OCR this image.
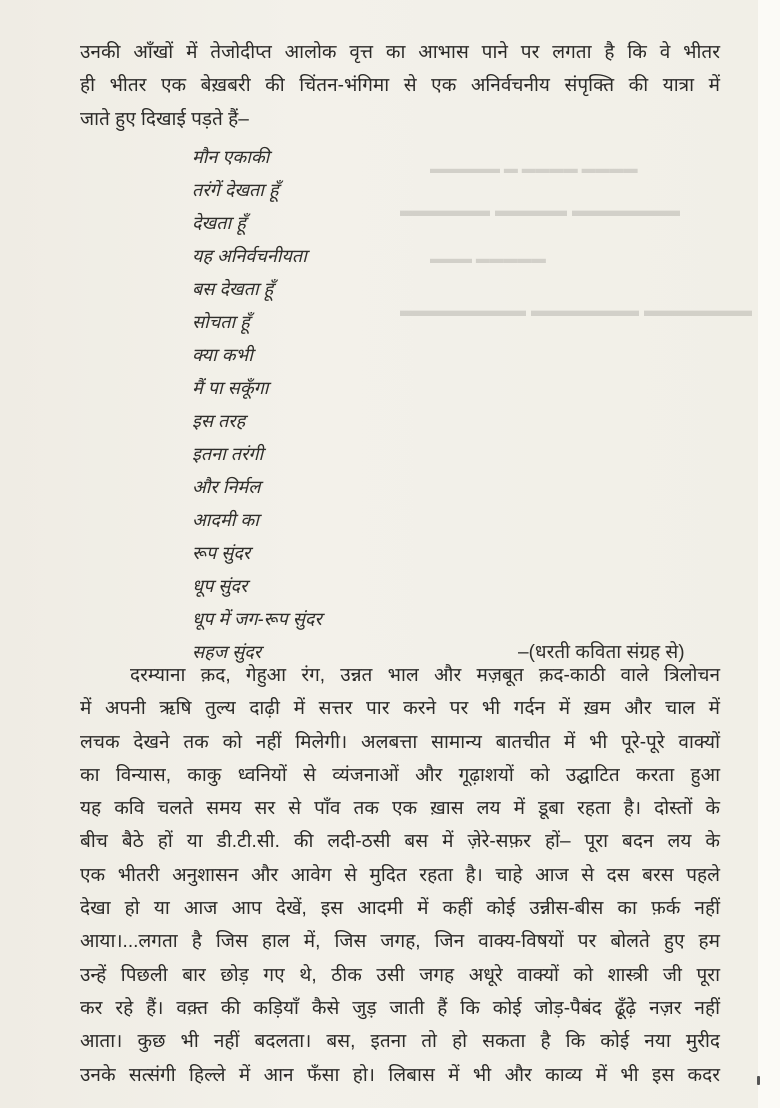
▬▬▬▬▬ ▬ ▬▬▬▬ ▬▬▬▬
▬▬▬▬▬ ▬▬▬▬ ▬▬▬▬▬▬
▬▬▬ ▬▬▬▬▬
▬▬▬▬▬▬▬ ▬▬▬▬▬▬ ▬▬▬▬▬▬
उनकी आँखों में तेजोदीप्त आलोक वृत्त का आभास पाने पर लगता है कि वे भीतर
ही भीतर एक बेख़बरी की चिंतन-भंगिमा से एक अनिर्वचनीय संपृक्ति की यात्रा में
जाते हुए दिखाई पड़ते हैं–
मौन एकाकी
तरंगें देखता हूँ
देखता हूँ
यह अनिर्वचनीयता
बस देखता हूँ
सोचता हूँ
क्या कभी
मैं पा सकूँगा
इस तरह
इतना तरंगी
और निर्मल
आदमी का
रूप सुंदर
धूप सुंदर
धूप में जग-रूप सुंदर
सहज सुंदर	–(धरती कविता संग्रह से)
दरम्याना क़द, गेहुआ रंग, उन्नत भाल और मज़बूत क़द-काठी वाले त्रिलोचन
में अपनी ऋषि तुल्य दाढ़ी में सत्तर पार करने पर भी गर्दन में ख़म और चाल में
लचक देखने तक को नहीं मिलेगी। अलबत्ता सामान्य बातचीत में भी पूरे-पूरे वाक्यों
का विन्यास, काकु ध्वनियों से व्यंजनाओं और गूढ़ाशयों को उद्घाटित करता हुआ
यह कवि चलते समय सर से पाँव तक एक ख़ास लय में डूबा रहता है। दोस्तों के
बीच बैठे हों या डी.टी.सी. की लदी-ठसी बस में ज़ेरे-सफ़र हों– पूरा बदन लय के
एक भीतरी अनुशासन और आवेग से मुदित रहता है। चाहे आज से दस बरस पहले
देखा हो या आज आप देखें, इस आदमी में कहीं कोई उन्नीस-बीस का फ़र्क नहीं
आया।...लगता है जिस हाल में, जिस जगह, जिन वाक्य-विषयों पर बोलते हुए हम
उन्हें पिछली बार छोड़ गए थे, ठीक उसी जगह अधूरे वाक्यों को शास्त्री जी पूरा
कर रहे हैं। वक़्त की कड़ियाँ कैसे जुड़ जाती हैं कि कोई जोड़-पैबंद ढूँढ़े नज़र नहीं
आता। कुछ भी नहीं बदलता। बस, इतना तो हो सकता है कि कोई नया मुरीद
उनके सत्संगी हिल्ले में आन फँसा हो। लिबास में भी और काव्य में भी इस कदर
